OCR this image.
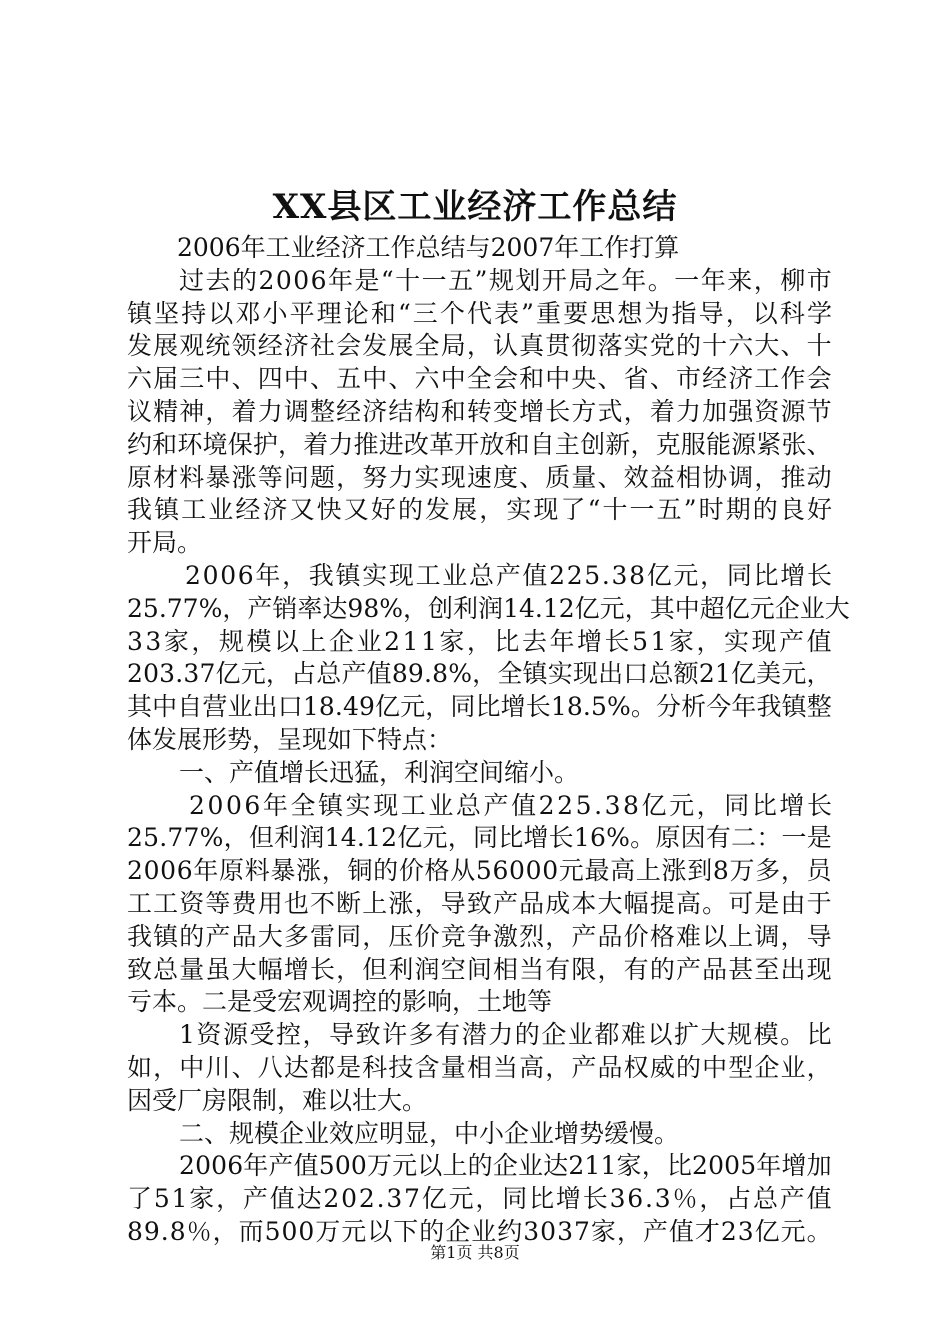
XX县区工业经济工作总结
2006年工业经济工作总结与2007年工作打算
过 去 的 2 0 0 6 年 是 “ 十 一 五 ” 规 划 开 局 之 年 。 一 年 来 ， 柳 市
镇 坚 持 以 邓 小 平 理 论 和 “ 三 个 代 表 ” 重 要 思 想 为 指 导 ， 以 科 学
发 展 观 统 领 经 济 社 会 发 展 全 局 ， 认 真 贯 彻 落 实 党 的 十 六 大 、 十
六 届 三 中 、 四 中 、 五 中 、 六 中 全 会 和 中 央 、 省 、 市 经 济 工 作 会
议 精 神 ， 着 力 调 整 经 济 结 构 和 转 变 增 长 方 式 ， 着 力 加 强 资 源 节
约 和 环 境 保 护 ， 着 力 推 进 改 革 开 放 和 自 主 创 新 ， 克 服 能 源 紧 张 、
原 材 料 暴 涨 等 问 题 ， 努 力 实 现 速 度 、 质 量 、 效 益 相 协 调 ， 推 动
我 镇 工 业 经 济 又 快 又 好 的 发 展 ， 实 现 了 “ 十 一 五 ” 时 期 的 良 好
开局。
2 0 0 6 年 ， 我 镇 实 现 工 业 总 产 值 2 2 5 . 3 8 亿 元 ， 同 比 增 长
2 5 . 7 7 % ， 产 销 率 达 9 8 % ， 创 利 润 1 4 . 1 2 亿 元 ， 其 中 超 亿 元 企 业 大
3 3 家 ， 规 模 以 上 企 业 2 1 1 家 ， 比 去 年 增 长 5 1 家 ， 实 现 产 值
2 0 3 . 3 7 亿 元 ， 占 总 产 值 8 9 . 8 % ， 全 镇 实 现 出 口 总 额 2 1 亿 美 元 ，
其 中 自 营 业 出 口 1 8 . 4 9 亿 元 ， 同 比 增 长 1 8 . 5 % 。 分 析 今 年 我 镇 整
体发展形势，呈现如下特点：
一、产值增长迅猛，利润空间缩小。
2 0 0 6 年 全 镇 实 现 工 业 总 产 值 2 2 5 . 3 8 亿 元 ， 同 比 增 长
2 5 . 7 7 % ， 但 利 润 1 4 . 1 2 亿 元 ， 同 比 增 长 1 6 % 。 原 因 有 二 ： 一 是
2 0 0 6 年 原 料 暴 涨 ， 铜 的 价 格 从 5 6 0 0 0 元 最 高 上 涨 到 8 万 多 ， 员
工 工 资 等 费 用 也 不 断 上 涨 ， 导 致 产 品 成 本 大 幅 提 高 。 可 是 由 于
我 镇 的 产 品 大 多 雷 同 ， 压 价 竞 争 激 烈 ， 产 品 价 格 难 以 上 调 ， 导
致 总 量 虽 大 幅 增 长 ， 但 利 润 空 间 相 当 有 限 ， 有 的 产 品 甚 至 出 现
亏本。二是受宏观调控的影响，土地等
1 资 源 受 控 ， 导 致 许 多 有 潜 力 的 企 业 都 难 以 扩 大 规 模 。 比
如 ， 中 川 、 八 达 都 是 科 技 含 量 相 当 高 ， 产 品 权 威 的 中 型 企 业 ，
因受厂房限制，难以壮大。
二、规模企业效应明显，中小企业增势缓慢。
2 0 0 6 年 产 值 5 0 0 万 元 以 上 的 企 业 达 2 1 1 家 ， 比 2 0 0 5 年 增 加
了 5 1 家 ， 产 值 达 2 0 2 . 3 7 亿 元 ， 同 比 增 长 3 6 . 3 ％ ， 占 总 产 值
8 9 . 8 ％ ， 而 5 0 0 万 元 以 下 的 企 业 约 3 0 3 7 家 ， 产 值 才 2 3 亿 元 。
第1页 共8页
